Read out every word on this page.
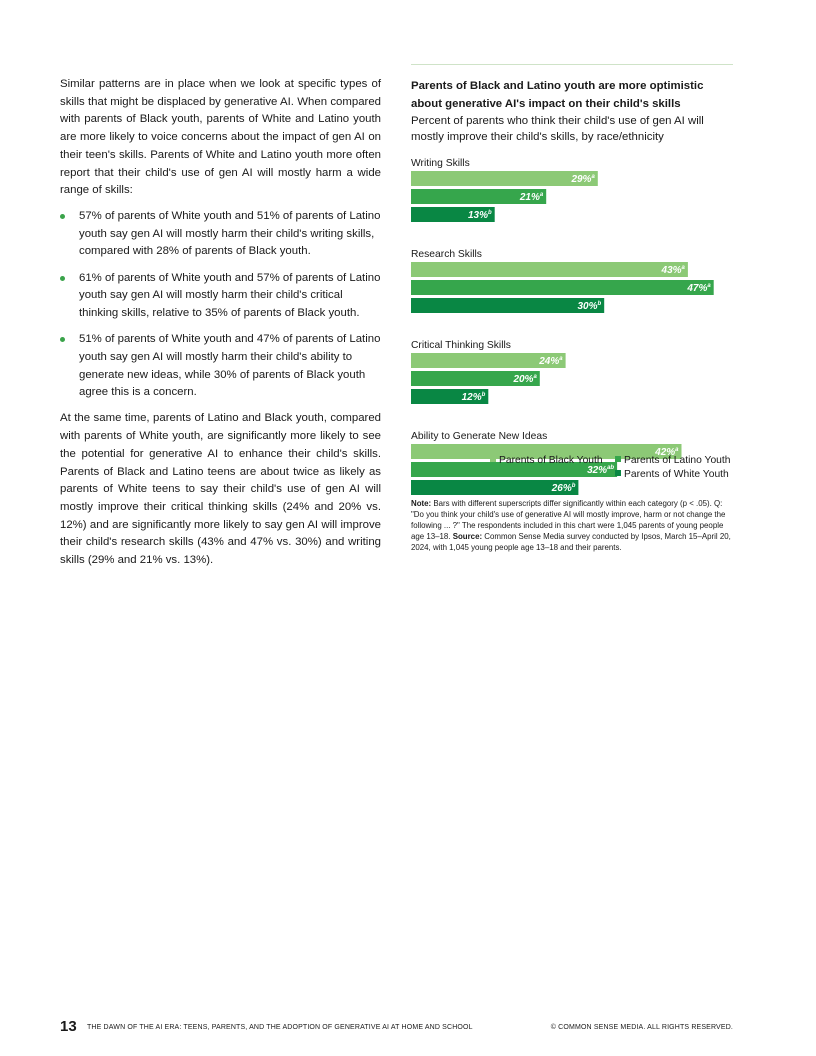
Similar patterns are in place when we look at specific types of skills that might be displaced by generative AI. When compared with parents of Black youth, parents of White and Latino youth are more likely to voice concerns about the impact of gen AI on their teen's skills. Parents of White and Latino youth more often report that their child's use of gen AI will mostly harm a wide range of skills:

57% of parents of White youth and 51% of parents of Latino youth say gen AI will mostly harm their child's writing skills, compared with 28% of parents of Black youth.
61% of parents of White youth and 57% of parents of Latino youth say gen AI will mostly harm their child's critical thinking skills, relative to 35% of parents of Black youth.
51% of parents of White youth and 47% of parents of Latino youth say gen AI will mostly harm their child's ability to generate new ideas, while 30% of parents of Black youth agree this is a concern.

At the same time, parents of Latino and Black youth, compared with parents of White youth, are significantly more likely to see the potential for generative AI to enhance their child's skills. Parents of Black and Latino teens are about twice as likely as parents of White teens to say their child's use of gen AI will mostly improve their critical thinking skills (24% and 20% vs. 12%) and are significantly more likely to say gen AI will improve their child's research skills (43% and 47% vs. 30%) and writing skills (29% and 21% vs. 13%).

Parents of Black and Latino youth are more optimistic about generative AI's impact on their child's skills
Percent of parents who think their child's use of gen AI will mostly improve their child's skills, by race/ethnicity
Writing Skills
29%$^a$
21%$^a$
13%$^b$
Research Skills
43%$^a$
47%$^a$
30%$^b$
Critical Thinking Skills
24%$^a$
20%$^a$
12%$^b$
Ability to Generate New Ideas
42%$^a$
32%$^{ab}$
26%$^b$
Parents of Black Youth	Parents of Latino Youth
Parents of White Youth
Note: Bars with different superscripts differ significantly within each category (p < .05). Q: "Do you think your child's use of generative AI will mostly improve, harm or not change the following ... ?" The respondents included in this chart were 1,045 parents of young people age 13–18. Source: Common Sense Media survey conducted by Ipsos, March 15–April 20, 2024, with 1,045 young people age 13–18 and their parents.
13 THE DAWN OF THE AI ERA: TEENS, PARENTS, AND THE ADOPTION OF GENERATIVE AI AT HOME AND SCHOOL	© COMMON SENSE MEDIA. ALL RIGHTS RESERVED.
